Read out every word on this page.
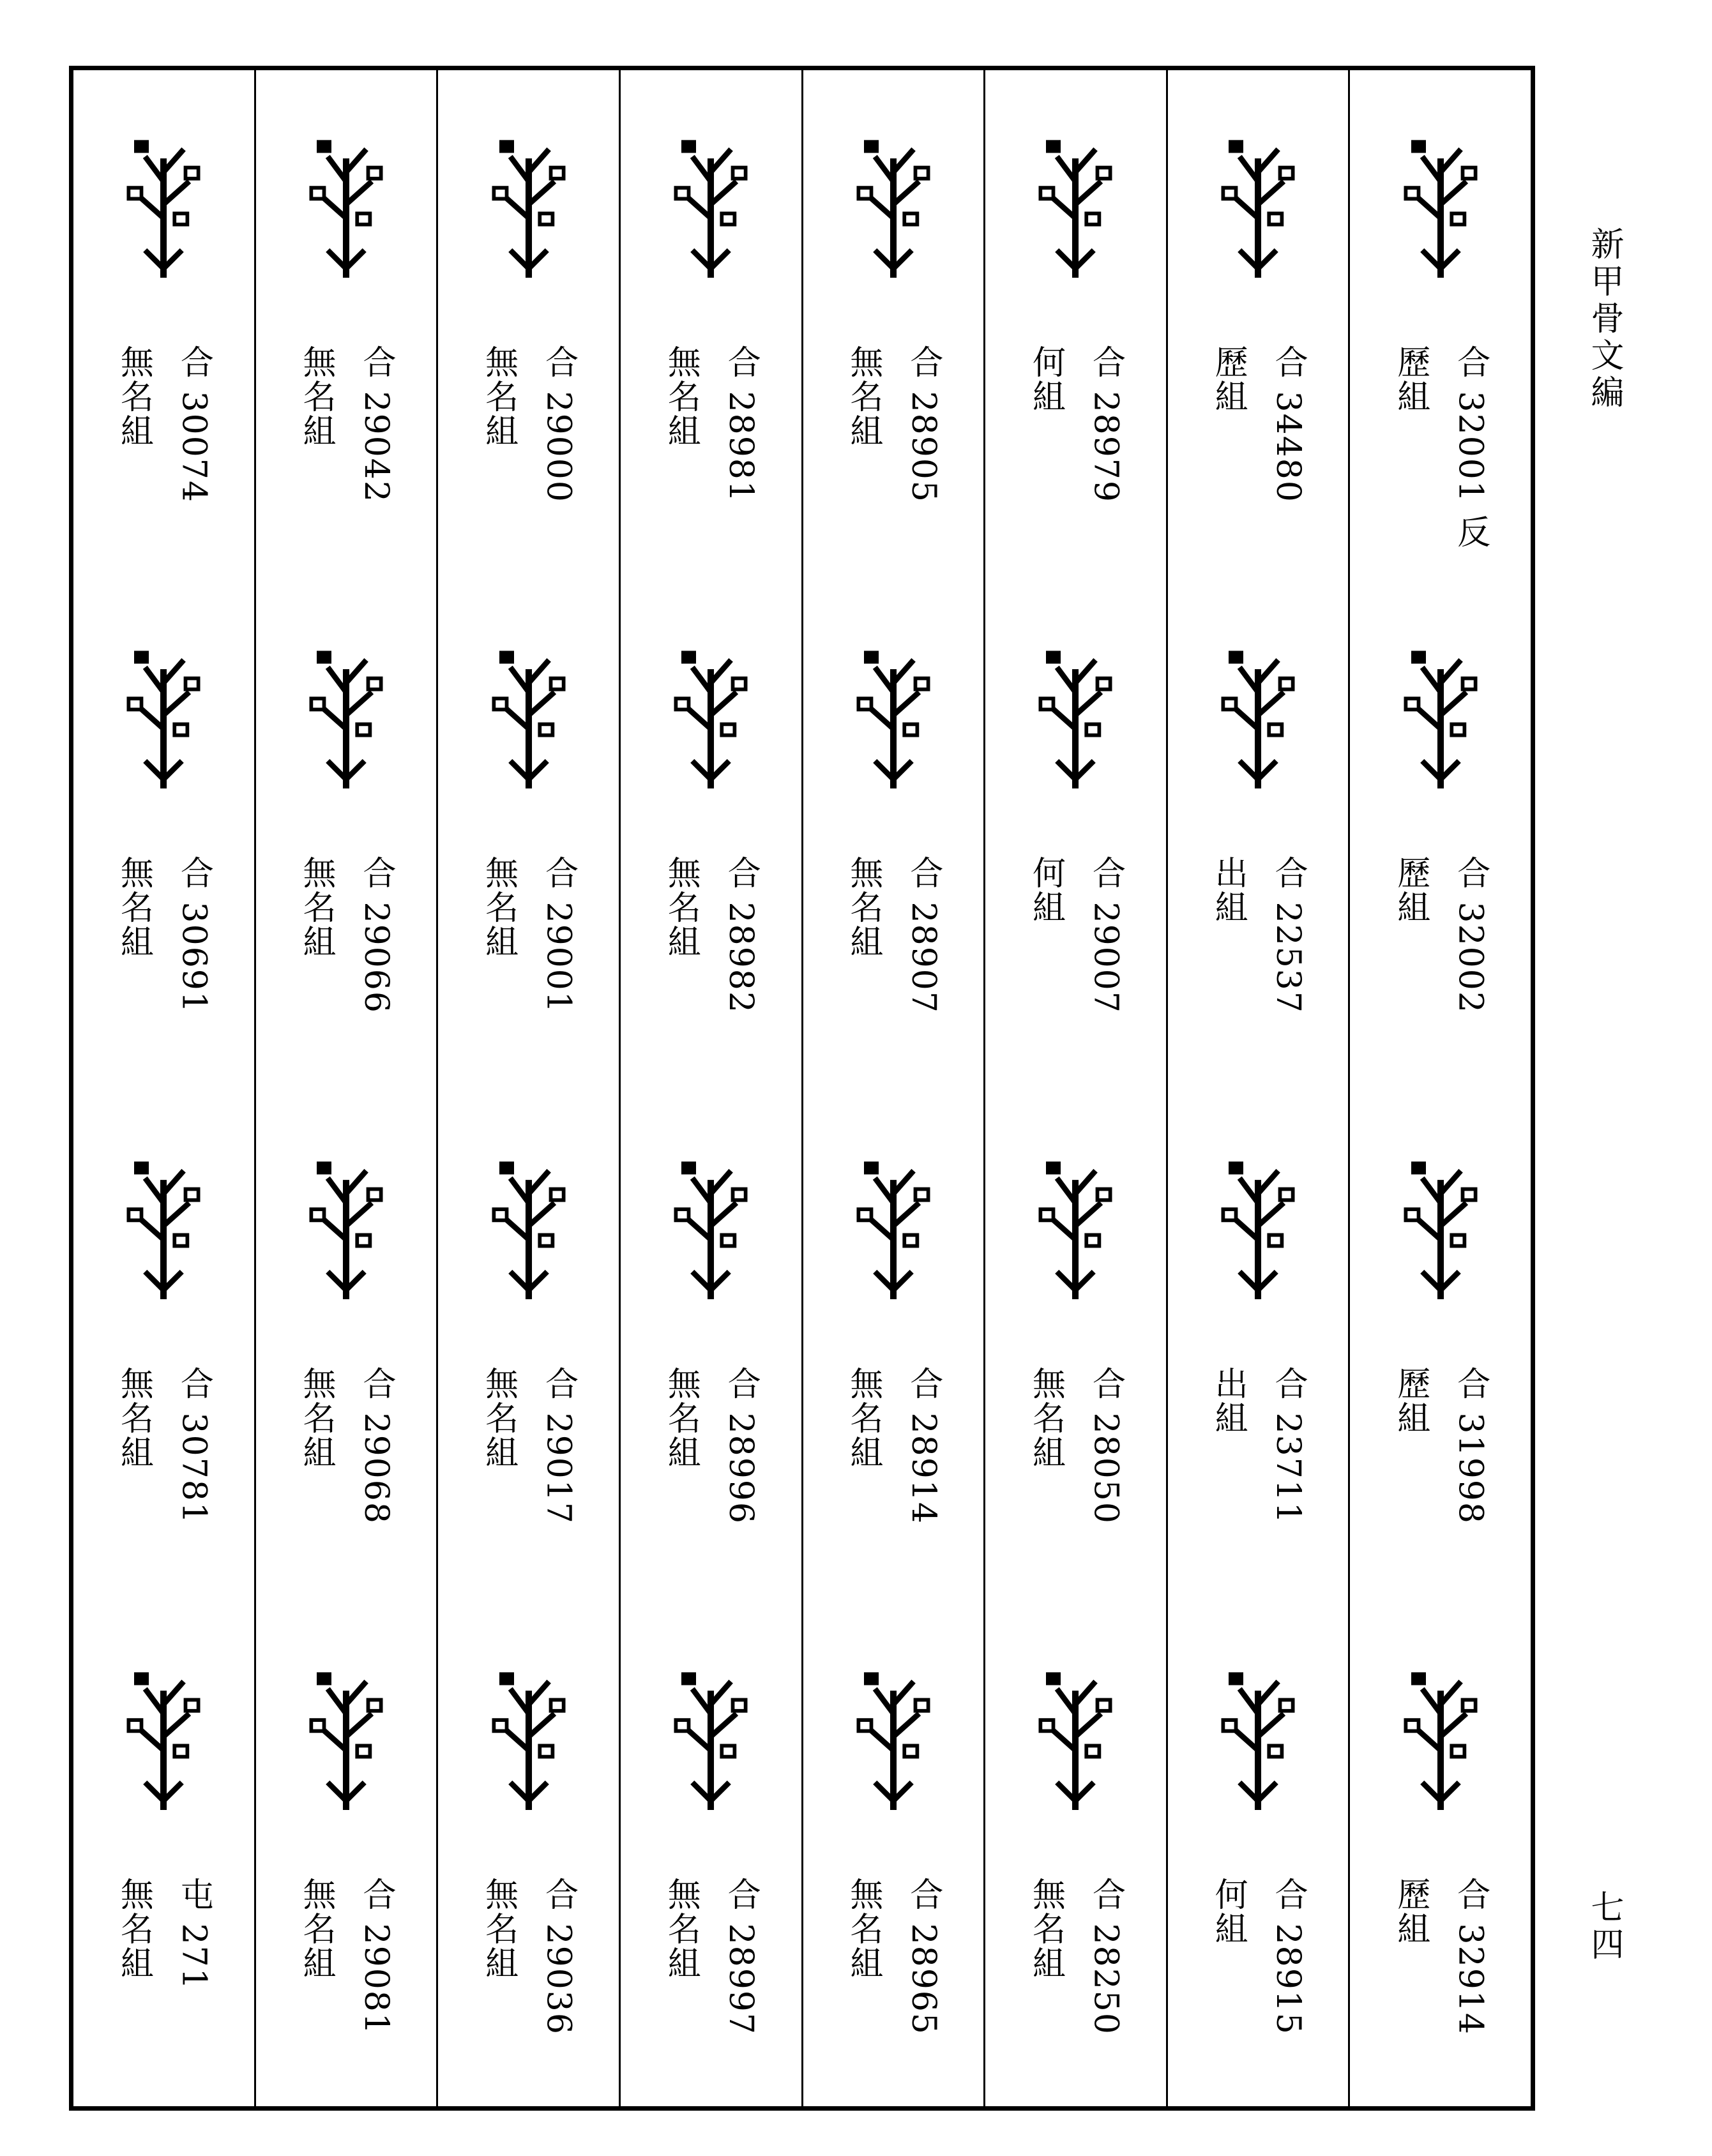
新甲骨文編
七四
合 32001 反
歷組
合 32002
歷組
合 31998
歷組
合 32914
歷組
合 34480
歷組
合 22537
出組
合 23711
出組
合 28915
何組
合 28979
何組
合 29007
何組
合 28050
無名組
合 28250
無名組
合 28905
無名組
合 28907
無名組
合 28914
無名組
合 28965
無名組
合 28981
無名組
合 28982
無名組
合 28996
無名組
合 28997
無名組
合 29000
無名組
合 29001
無名組
合 29017
無名組
合 29036
無名組
合 29042
無名組
合 29066
無名組
合 29068
無名組
合 29081
無名組
合 30074
無名組
合 30691
無名組
合 30781
無名組
屯 271
無名組
